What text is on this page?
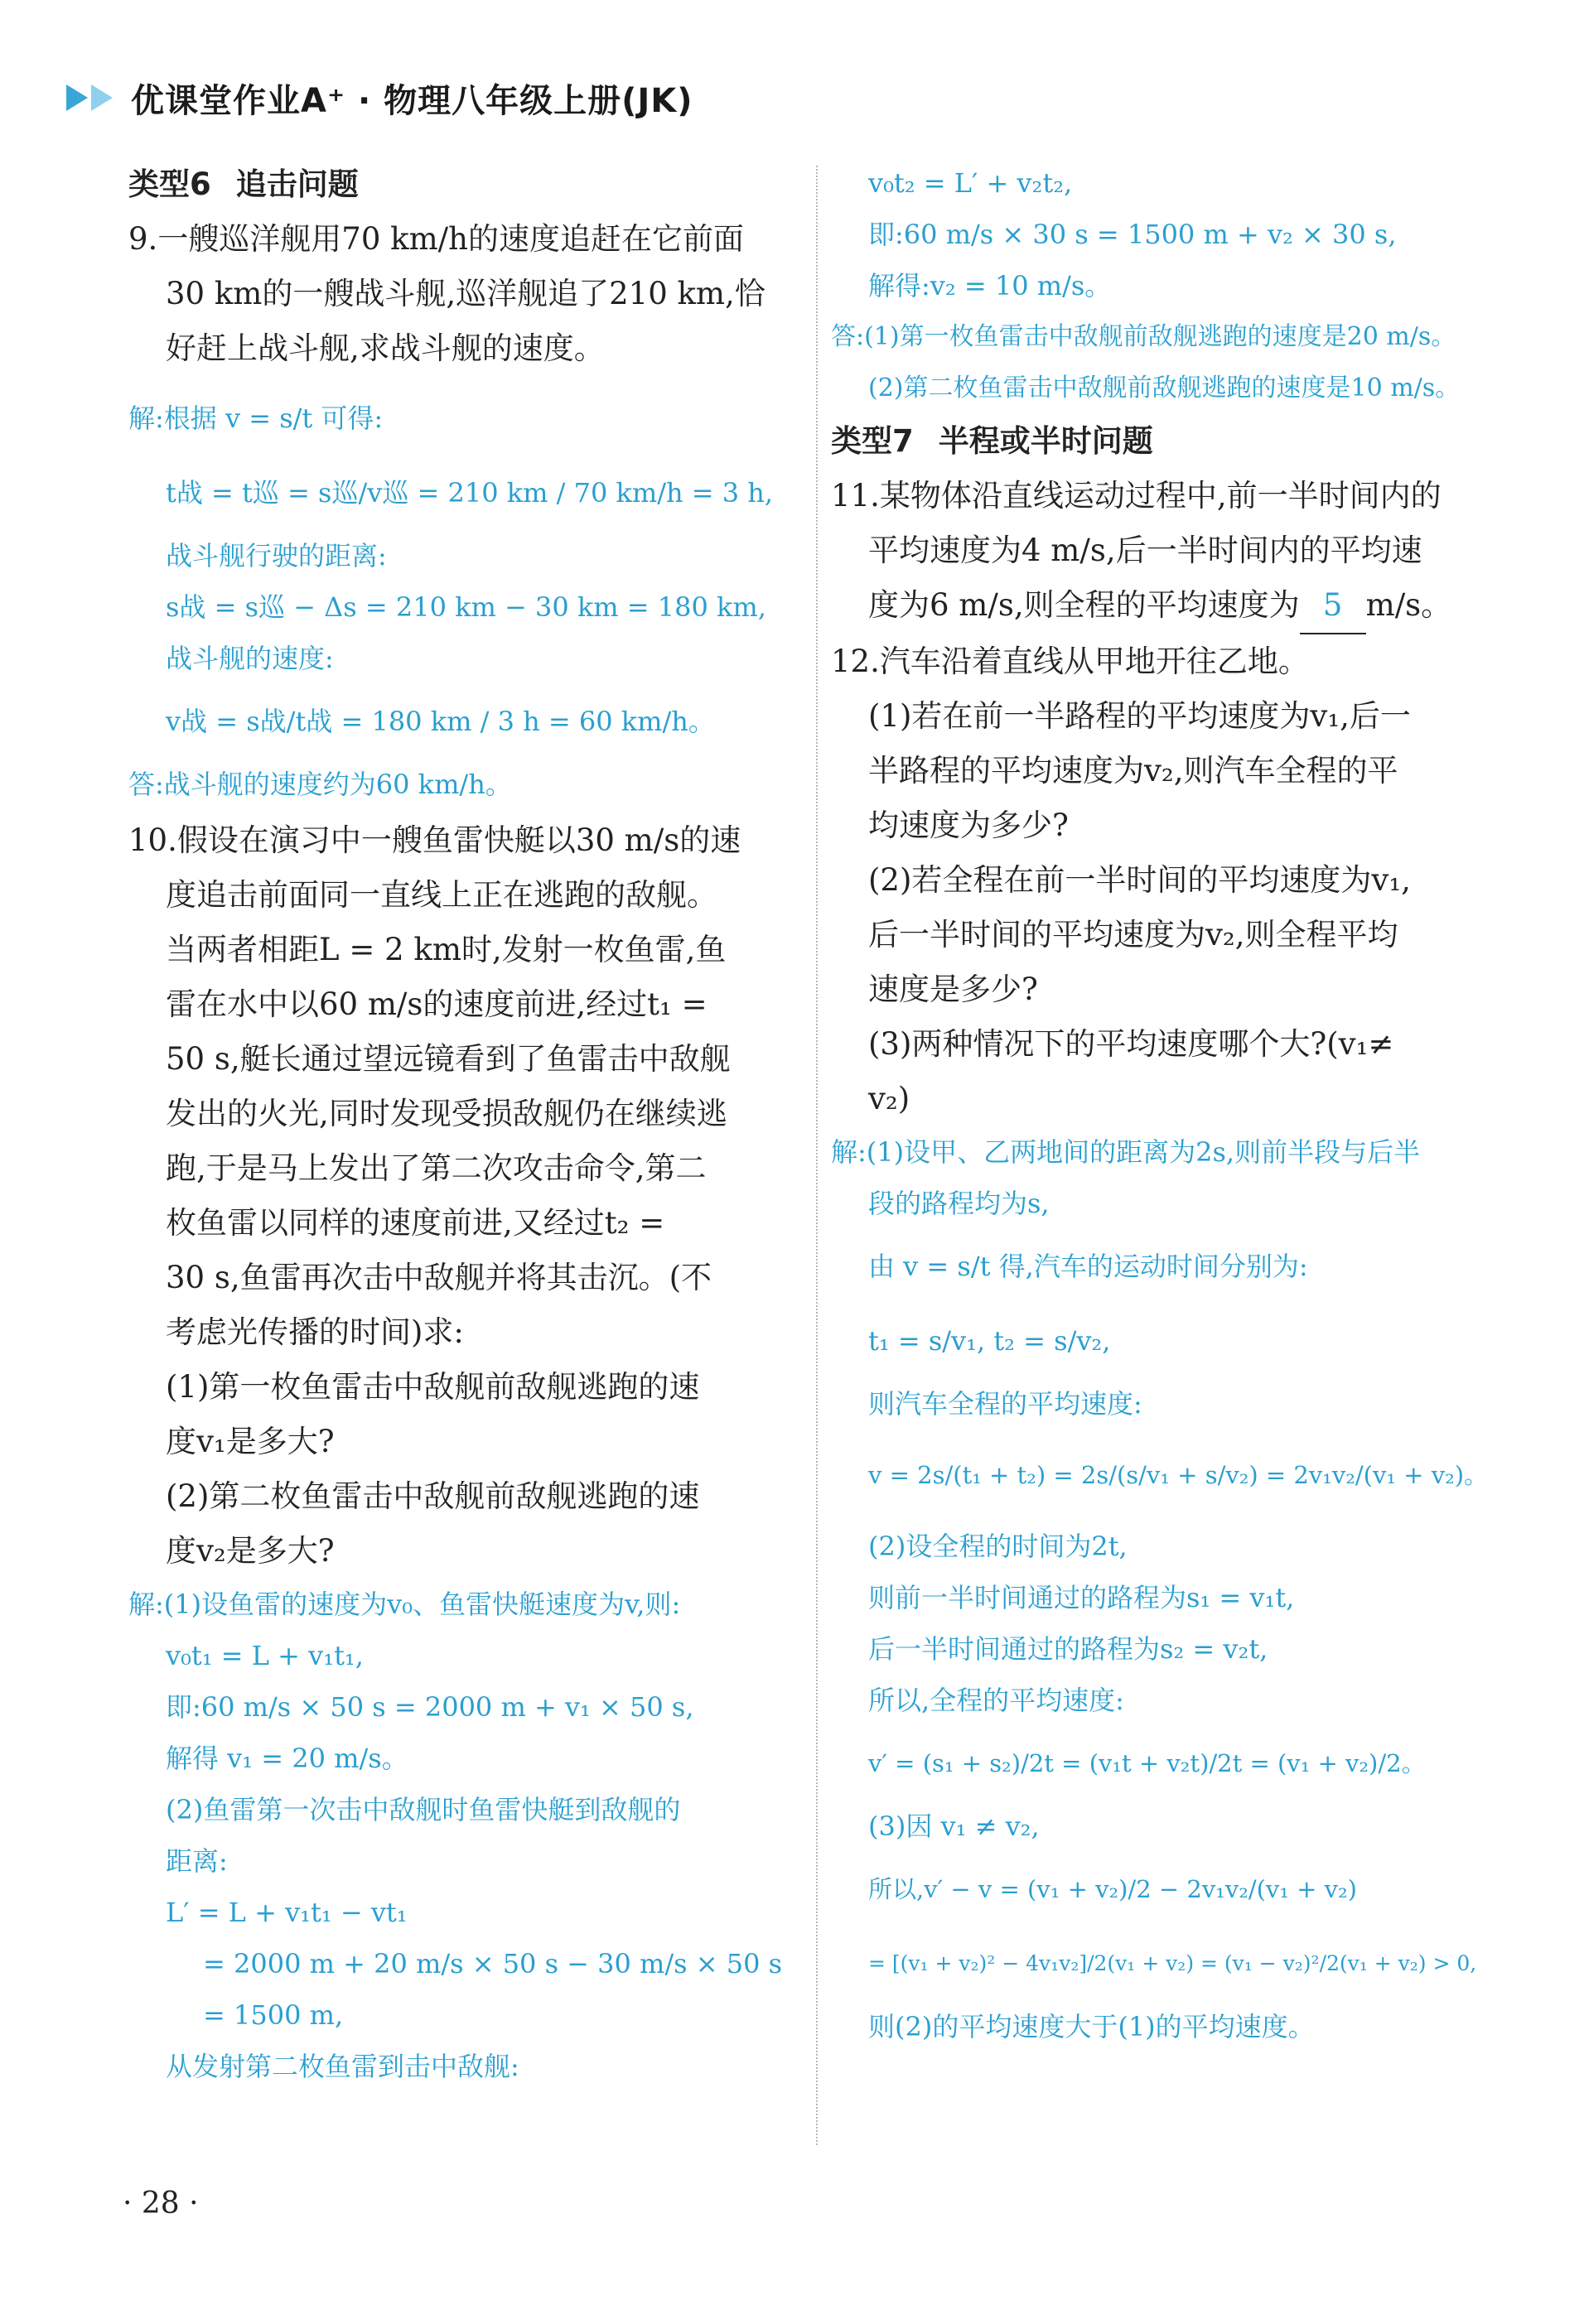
优课堂作业A⁺ · 物理八年级上册(JK)
类型6 追击问题
9.一艘巡洋舰用70 km/h的速度追赶在它前面
30 km的一艘战斗舰,巡洋舰追了210 km,恰
好赶上战斗舰,求战斗舰的速度。
解:根据 v = s/t 可得:
t战 = t巡 = s巡/v巡 = 210 km / 70 km/h = 3 h,
战斗舰行驶的距离:
s战 = s巡 − Δs = 210 km − 30 km = 180 km,
战斗舰的速度:
v战 = s战/t战 = 180 km / 3 h = 60 km/h。
答:战斗舰的速度约为60 km/h。
10.假设在演习中一艘鱼雷快艇以30 m/s的速
度追击前面同一直线上正在逃跑的敌舰。
当两者相距L = 2 km时,发射一枚鱼雷,鱼
雷在水中以60 m/s的速度前进,经过t₁ =
50 s,艇长通过望远镜看到了鱼雷击中敌舰
发出的火光,同时发现受损敌舰仍在继续逃
跑,于是马上发出了第二次攻击命令,第二
枚鱼雷以同样的速度前进,又经过t₂ =
30 s,鱼雷再次击中敌舰并将其击沉。(不
考虑光传播的时间)求:
(1)第一枚鱼雷击中敌舰前敌舰逃跑的速
度v₁是多大?
(2)第二枚鱼雷击中敌舰前敌舰逃跑的速
度v₂是多大?
解:(1)设鱼雷的速度为v₀、鱼雷快艇速度为v,则:
v₀t₁ = L + v₁t₁,
即:60 m/s × 50 s = 2000 m + v₁ × 50 s,
解得 v₁ = 20 m/s。
(2)鱼雷第一次击中敌舰时鱼雷快艇到敌舰的
距离:
L′ = L + v₁t₁ − vt₁
= 2000 m + 20 m/s × 50 s − 30 m/s × 50 s
= 1500 m,
从发射第二枚鱼雷到击中敌舰:
v₀t₂ = L′ + v₂t₂,
即:60 m/s × 30 s = 1500 m + v₂ × 30 s,
解得:v₂ = 10 m/s。
答:(1)第一枚鱼雷击中敌舰前敌舰逃跑的速度是20 m/s。
(2)第二枚鱼雷击中敌舰前敌舰逃跑的速度是10 m/s。
类型7 半程或半时问题
11.某物体沿直线运动过程中,前一半时间内的
平均速度为4 m/s,后一半时间内的平均速
度为6 m/s,则全程的平均速度为 5 m/s。
12.汽车沿着直线从甲地开往乙地。
(1)若在前一半路程的平均速度为v₁,后一
半路程的平均速度为v₂,则汽车全程的平
均速度为多少?
(2)若全程在前一半时间的平均速度为v₁,
后一半时间的平均速度为v₂,则全程平均
速度是多少?
(3)两种情况下的平均速度哪个大?(v₁≠
v₂)
解:(1)设甲、乙两地间的距离为2s,则前半段与后半
段的路程均为s,
由 v = s/t 得,汽车的运动时间分别为:
t₁ = s/v₁, t₂ = s/v₂,
则汽车全程的平均速度:
v = 2s/(t₁ + t₂) = 2s/(s/v₁ + s/v₂) = 2v₁v₂/(v₁ + v₂)。
(2)设全程的时间为2t,
则前一半时间通过的路程为s₁ = v₁t,
后一半时间通过的路程为s₂ = v₂t,
所以,全程的平均速度:
v′ = (s₁ + s₂)/2t = (v₁t + v₂t)/2t = (v₁ + v₂)/2。
(3)因 v₁ ≠ v₂,
所以,v′ − v = (v₁ + v₂)/2 − 2v₁v₂/(v₁ + v₂)
= [(v₁ + v₂)² − 4v₁v₂]/2(v₁ + v₂) = (v₁ − v₂)²/2(v₁ + v₂) > 0,
则(2)的平均速度大于(1)的平均速度。
· 28 ·
